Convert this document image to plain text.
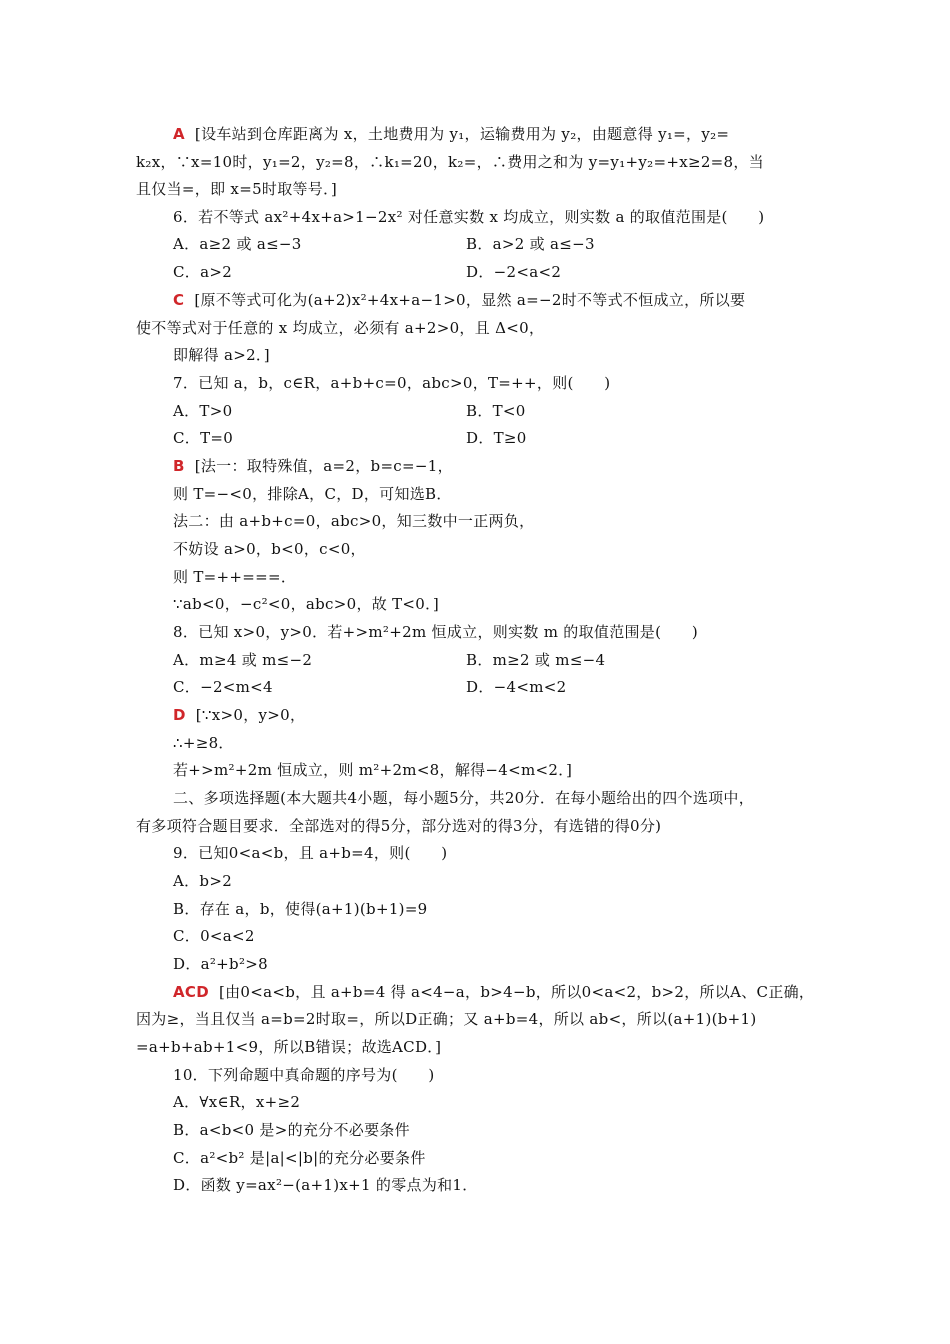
A [设车站到仓库距离为 x，土地费用为 y₁，运输费用为 y₂，由题意得 y₁=，y₂=
k₂x，∵x=10时，y₁=2，y₂=8，∴k₁=20，k₂=，∴费用之和为 y=y₁+y₂=+x≥2=8，当
且仅当=，即 x=5时取等号．]
6．若不等式 ax²+4x+a>1−2x² 对任意实数 x 均成立，则实数 a 的取值范围是(　　)
A．a≥2 或 a≤−3	B．a>2 或 a≤−3
C．a>2	D．−2<a<2
C [原不等式可化为(a+2)x²+4x+a−1>0，显然 a=−2时不等式不恒成立，所以要
使不等式对于任意的 x 均成立，必须有 a+2>0，且 Δ<0，
即解得 a>2．]
7．已知 a，b，c∈R，a+b+c=0，abc>0，T=++，则(　　)
A．T>0	B．T<0
C．T=0	D．T≥0
B [法一：取特殊值，a=2，b=c=−1，
则 T=−<0，排除A，C，D，可知选B．
法二：由 a+b+c=0，abc>0，知三数中一正两负，
不妨设 a>0，b<0，c<0，
则 T=++===．
∵ab<0，−c²<0，abc>0，故 T<0．]
8．已知 x>0，y>0．若+>m²+2m 恒成立，则实数 m 的取值范围是(　　)
A．m≥4 或 m≤−2	B．m≥2 或 m≤−4
C．−2<m<4	D．−4<m<2
D [∵x>0，y>0，
∴+≥8．
若+>m²+2m 恒成立，则 m²+2m<8，解得−4<m<2．]
二、多项选择题(本大题共4小题，每小题5分，共20分．在每小题给出的四个选项中，
有多项符合题目要求．全部选对的得5分，部分选对的得3分，有选错的得0分)
9．已知0<a<b，且 a+b=4，则(　　)
A．b>2
B．存在 a，b，使得(a+1)(b+1)=9
C．0<a<2
D．a²+b²>8
ACD [由0<a<b，且 a+b=4 得 a<4−a，b>4−b，所以0<a<2，b>2，所以A、C正确，
因为≥，当且仅当 a=b=2时取=，所以D正确；又 a+b=4，所以 ab<，所以(a+1)(b+1)
=a+b+ab+1<9，所以B错误；故选ACD．]
10．下列命题中真命题的序号为(　　)
A．∀x∈R，x+≥2
B．a<b<0 是>的充分不必要条件
C．a²<b² 是|a|<|b|的充分必要条件
D．函数 y=ax²−(a+1)x+1 的零点为和1．
